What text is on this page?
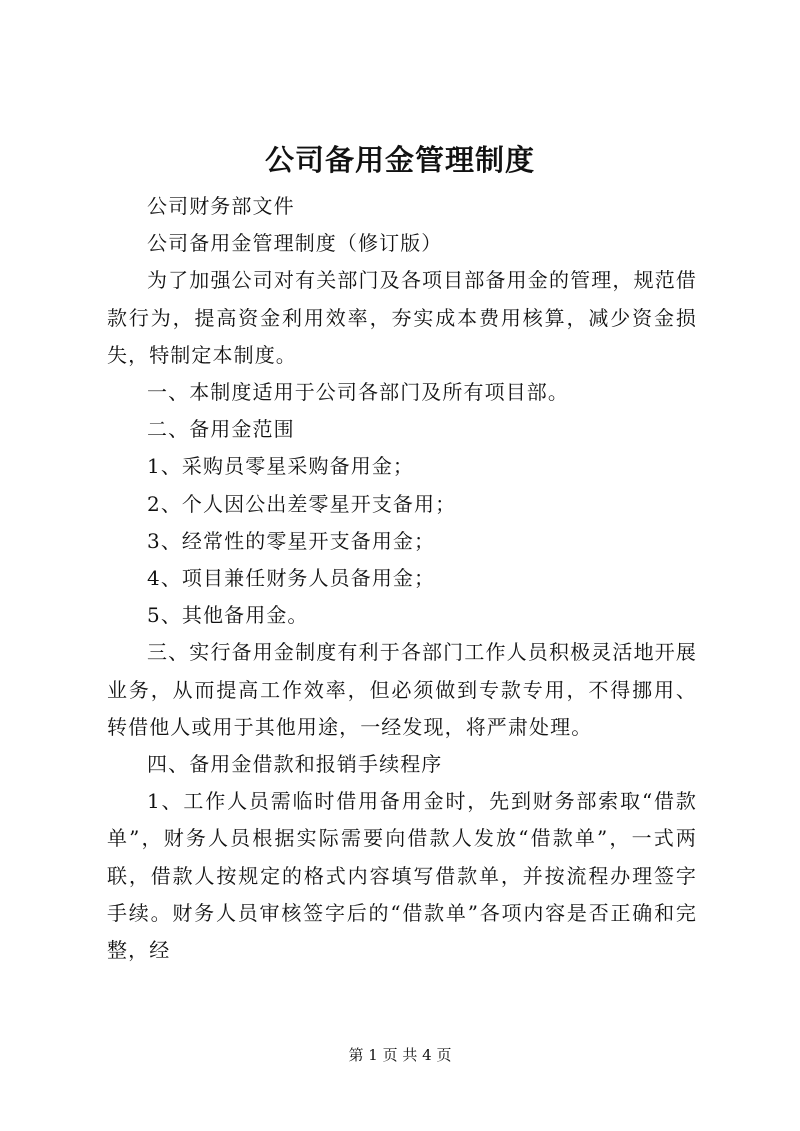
公司备用金管理制度

公司财务部文件

公司备用金管理制度（修订版）

为了加强公司对有关部门及各项目部备用金的管理，规范借款行为，提高资金利用效率，夯实成本费用核算，减少资金损失，特制定本制度。

一、本制度适用于公司各部门及所有项目部。

二、备用金范围

1、采购员零星采购备用金；

2、个人因公出差零星开支备用；

3、经常性的零星开支备用金；

4、项目兼任财务人员备用金；

5、其他备用金。

三、实行备用金制度有利于各部门工作人员积极灵活地开展业务，从而提高工作效率，但必须做到专款专用，不得挪用、转借他人或用于其他用途，一经发现，将严肃处理。

四、备用金借款和报销手续程序

1、工作人员需临时借用备用金时，先到财务部索取“借款单”，财务人员根据实际需要向借款人发放“借款单”，一式两联，借款人按规定的格式内容填写借款单，并按流程办理签字手续。财务人员审核签字后的“借款单”各项内容是否正确和完整，经

第 1 页 共 4 页
